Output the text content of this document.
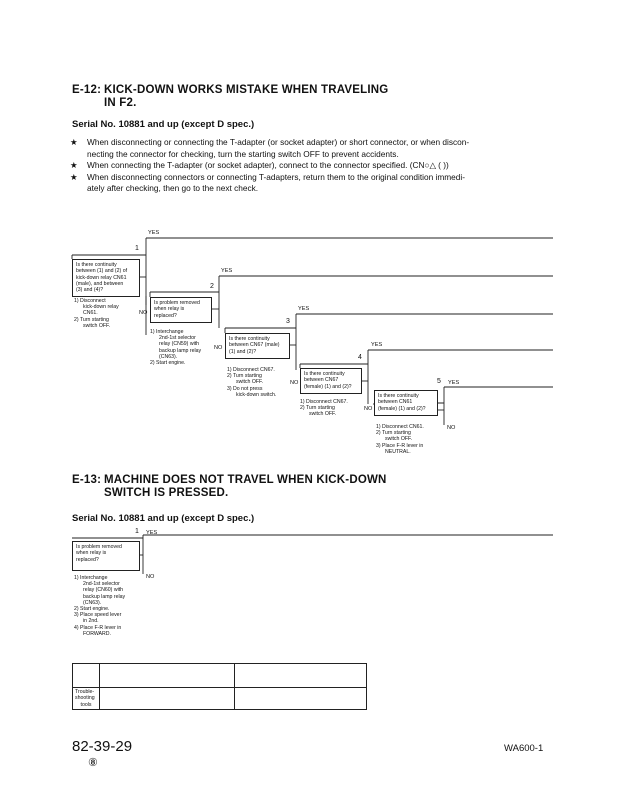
E-12: KICK-DOWN WORKS MISTAKE WHEN TRAVELING
IN F2.
Serial No. 10881 and up (except D spec.)
★ When disconnecting or connecting the T-adapter (or socket adapter) or short connector, or when discon-
necting the connector for checking, turn the starting switch OFF to prevent accidents.
★ When connecting the T-adapter (or socket adapter), connect to the connector specified. (CN○△ ( ))
★ When disconnecting connectors or connecting T-adapters, return them to the original condition immedi-
ately after checking, then go to the next check.
YES
1
Is there continuity
between (1) and (2) of
kick-down relay CN61
(male), and between
(3) and (4)?
1) Disconnect
kick-down relay
CN61.
2) Turn starting
switch OFF.
NO
YES
2
Is problem removed
when relay is
replaced?
1) Interchange
2nd-1st selector
relay (CN59) with
backup lamp relay
(CN63).
2) Start engine.
NO
YES
3
Is there continuity
between CN67 (male)
(1) and (2)?
1) Disconnect CN67.
2) Turn starting
switch OFF.
3) Do not press
kick-down switch.
NO
YES
4
Is there continuity
between CN67
(female) (1) and (2)?
1) Disconnect CN67.
2) Turn starting
switch OFF.
NO
5 YES
Is there continuity
between CN61
(female) (1) and (2)?
1) Disconnect CN61.
2) Turn starting
switch OFF.
3) Place F-R lever in
NEUTRAL.
NO
E-13: MACHINE DOES NOT TRAVEL WHEN KICK-DOWN
SWITCH IS PRESSED.
Serial No. 10881 and up (except D spec.)
1 YES
Is problem removed
when relay is
replaced?
NO
1) Interchange
2nd-1st selector
relay (CN60) with
backup lamp relay
(CN63).
2) Start engine.
3) Place speed lever
in 2nd.
4) Place F-R lever in
FORWARD.

Trouble-
shooting
tools		

82-39-29
⑧
WA600-1
